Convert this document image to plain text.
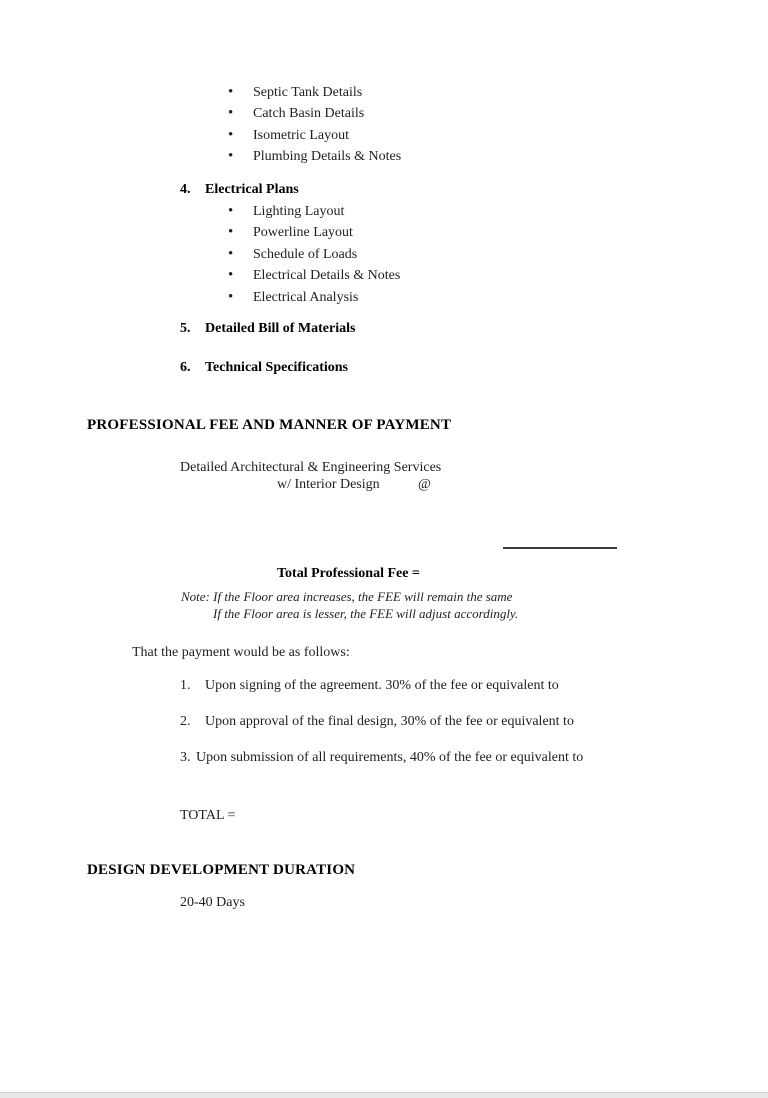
•
Septic Tank Details
•
Catch Basin Details
•
Isometric Layout
•
Plumbing Details & Notes
4.	Electrical Plans
•
Lighting Layout
•
Powerline Layout
•
Schedule of Loads
•
Electrical Details & Notes
•
Electrical Analysis
5.	Detailed Bill of Materials
6.	Technical Specifications
PROFESSIONAL FEE AND MANNER OF PAYMENT
Detailed Architectural & Engineering Services
w/ Interior Design	@
Total Professional Fee =
Note: If the Floor area increases, the FEE will remain the same
If the Floor area is lesser, the FEE will adjust accordingly.
That the payment would be as follows:
1.	Upon signing of the agreement. 30% of the fee or equivalent to
2.	Upon approval of the final design, 30% of the fee or equivalent to
3. Upon submission of all requirements, 40% of the fee or equivalent to
TOTAL =
DESIGN DEVELOPMENT DURATION
20-40 Days
